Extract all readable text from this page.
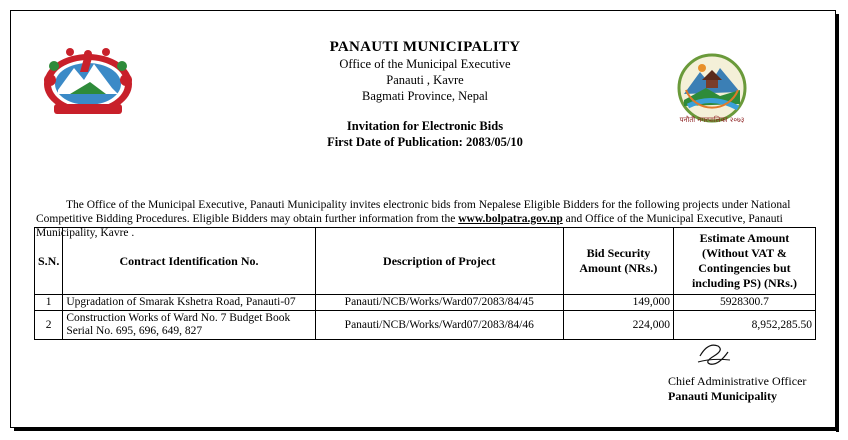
पनौती नगरपालिका २०७३
PANAUTI MUNICIPALITY
Office of the Municipal Executive
Panauti , Kavre
Bagmati Province, Nepal
Invitation for Electronic Bids
First Date of Publication: 2083/05/10
The Office of the Municipal Executive, Panauti Municipality invites electronic bids from Nepalese Eligible Bidders for the following projects under National Competitive Bidding Procedures. Eligible Bidders may obtain further information from the www.bolpatra.gov.np and Office of the Municipal Executive, Panauti Municipality, Kavre .
S.N.	Contract Identification No.	Description of Project	Bid Security Amount (NRs.)	Estimate Amount (Without VAT & Contingencies but including PS) (NRs.)
1	Upgradation of Smarak Kshetra Road, Panauti-07	Panauti/NCB/Works/Ward07/2083/84/45	149,000	5928300.7
2	Construction Works of Ward No. 7 Budget Book Serial No. 695, 696, 649, 827	Panauti/NCB/Works/Ward07/2083/84/46	224,000	8,952,285.50
Chief Administrative Officer
Panauti Municipality
